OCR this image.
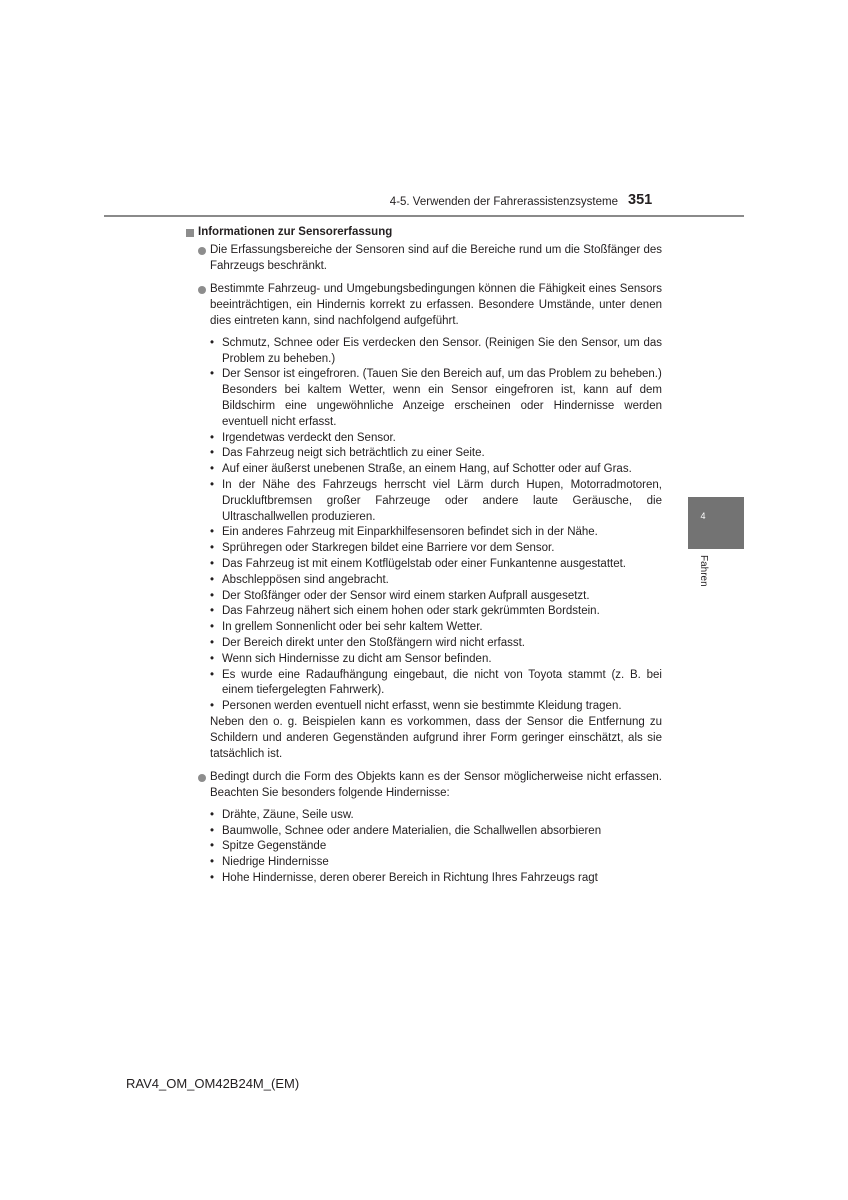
4-5. Verwenden der Fahrerassistenzsysteme 351
Informationen zur Sensorerfassung
Die Erfassungsbereiche der Sensoren sind auf die Bereiche rund um die Stoßfänger des Fahrzeugs beschränkt.
Bestimmte Fahrzeug- und Umgebungsbedingungen können die Fähigkeit eines Sensors beeinträchtigen, ein Hindernis korrekt zu erfassen. Besondere Umstände, unter denen dies eintreten kann, sind nachfolgend aufgeführt.
• Schmutz, Schnee oder Eis verdecken den Sensor. (Reinigen Sie den Sensor, um das Problem zu beheben.)
• Der Sensor ist eingefroren. (Tauen Sie den Bereich auf, um das Problem zu beheben.)
Besonders bei kaltem Wetter, wenn ein Sensor eingefroren ist, kann auf dem Bildschirm eine ungewöhnliche Anzeige erscheinen oder Hindernisse werden eventuell nicht erfasst.
• Irgendetwas verdeckt den Sensor.
• Das Fahrzeug neigt sich beträchtlich zu einer Seite.
• Auf einer äußerst unebenen Straße, an einem Hang, auf Schotter oder auf Gras.
• In der Nähe des Fahrzeugs herrscht viel Lärm durch Hupen, Motorradmotoren, Druckluftbremsen großer Fahrzeuge oder andere laute Geräusche, die Ultraschallwellen produzieren.
• Ein anderes Fahrzeug mit Einparkhilfesensoren befindet sich in der Nähe.
• Sprühregen oder Starkregen bildet eine Barriere vor dem Sensor.
• Das Fahrzeug ist mit einem Kotflügelstab oder einer Funkantenne ausgestattet.
• Abschleppösen sind angebracht.
• Der Stoßfänger oder der Sensor wird einem starken Aufprall ausgesetzt.
• Das Fahrzeug nähert sich einem hohen oder stark gekrümmten Bordstein.
• In grellem Sonnenlicht oder bei sehr kaltem Wetter.
• Der Bereich direkt unter den Stoßfängern wird nicht erfasst.
• Wenn sich Hindernisse zu dicht am Sensor befinden.
• Es wurde eine Radaufhängung eingebaut, die nicht von Toyota stammt (z. B. bei einem tiefergelegten Fahrwerk).
• Personen werden eventuell nicht erfasst, wenn sie bestimmte Kleidung tragen.
Neben den o. g. Beispielen kann es vorkommen, dass der Sensor die Entfernung zu Schildern und anderen Gegenständen aufgrund ihrer Form geringer einschätzt, als sie tatsächlich ist.
Bedingt durch die Form des Objekts kann es der Sensor möglicherweise nicht erfassen. Beachten Sie besonders folgende Hindernisse:
• Drähte, Zäune, Seile usw.
• Baumwolle, Schnee oder andere Materialien, die Schallwellen absorbieren
• Spitze Gegenstände
• Niedrige Hindernisse
• Hohe Hindernisse, deren oberer Bereich in Richtung Ihres Fahrzeugs ragt
4
Fahren
RAV4_OM_OM42B24M_(EM)
